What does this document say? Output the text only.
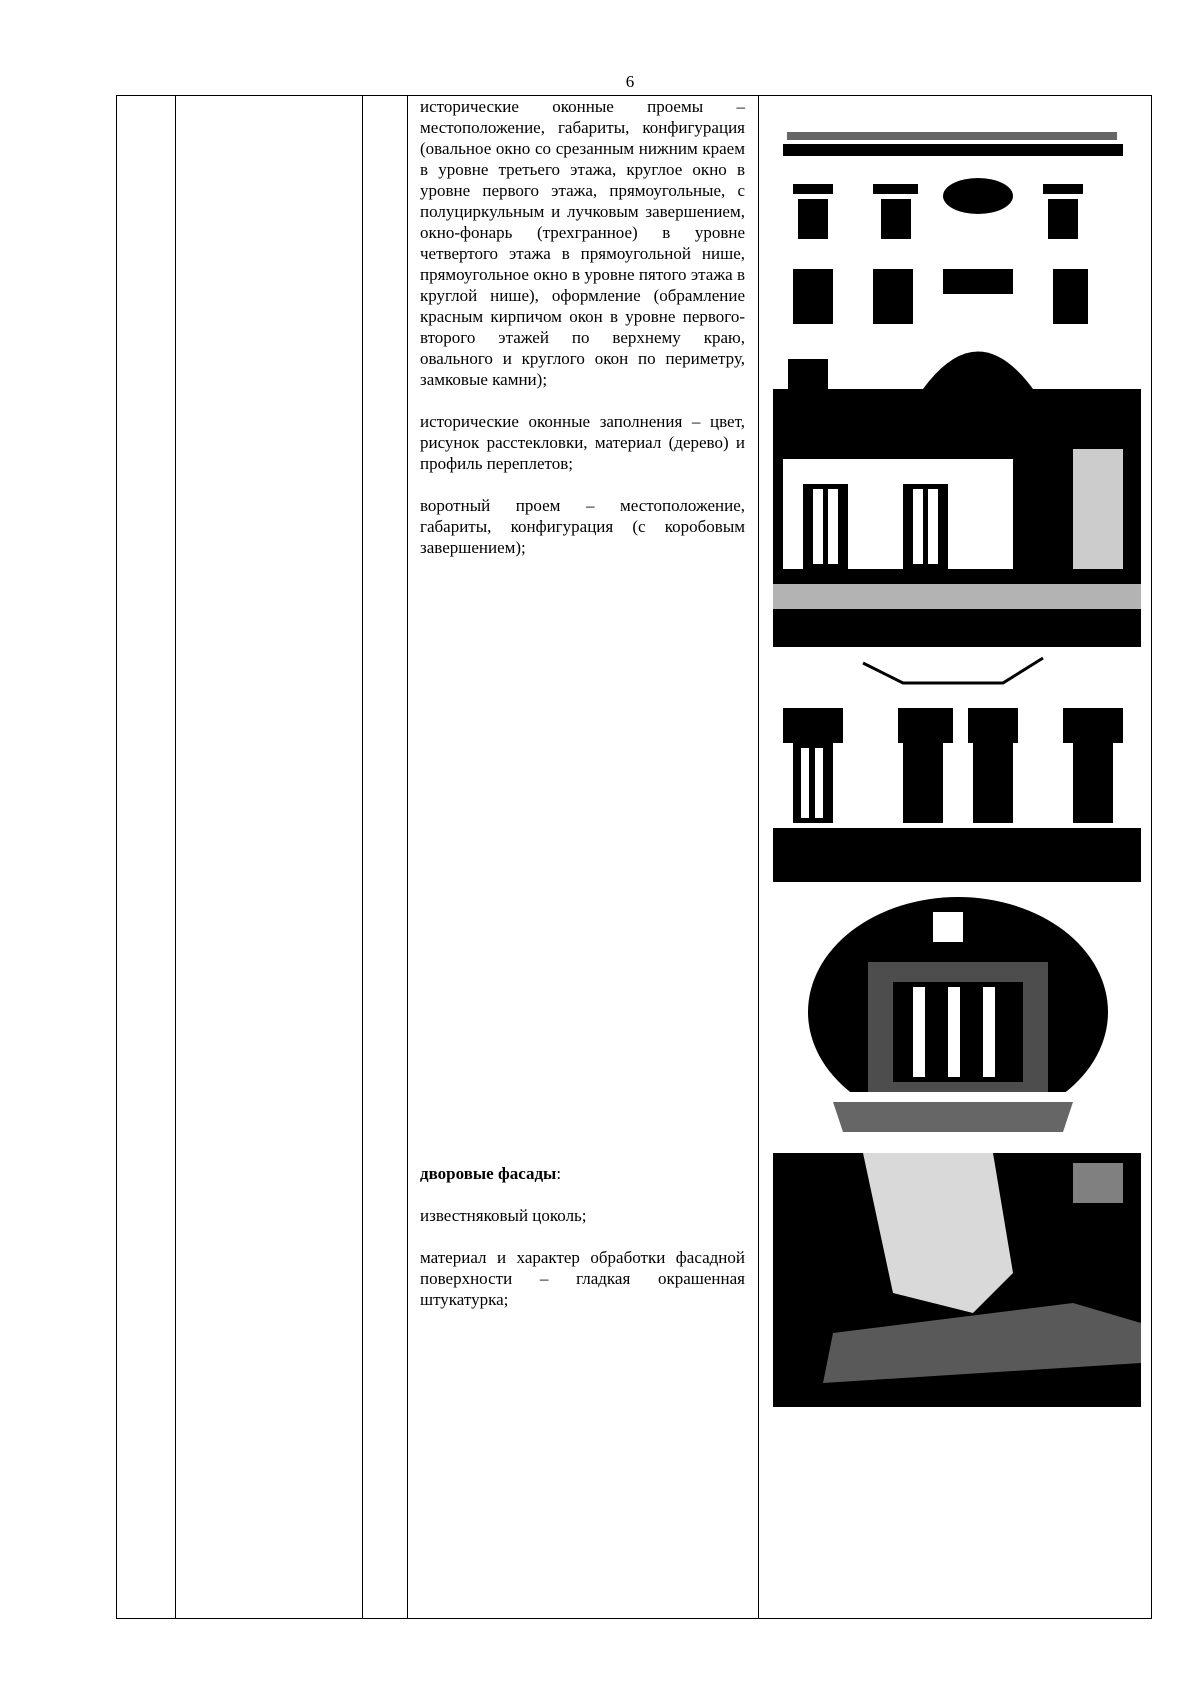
6

исторические оконные проемы – местоположение, габариты, конфигурация (овальное окно со срезанным нижним краем в уровне третьего этажа, круглое окно в уровне первого этажа, прямоугольные, с полуциркульным и лучковым завершением, окно-фонарь (трехгранное) в уровне четвертого этажа в прямоугольной нише, прямоугольное окно в уровне пятого этажа в круглой нише), оформление (обрамление красным кирпичом окон в уровне первого-второго этажей по верхнему краю, овального и круглого окон по периметру, замковые камни);

исторические оконные заполнения – цвет, рисунок расстекловки, материал (дерево) и профиль переплетов;

воротный проем – местоположение, габариты, конфигурация (с коробовым завершением);

дворовые фасады:

известняковый цоколь;

материал и характер обработки фасадной поверхности – гладкая окрашенная штукатурка;
